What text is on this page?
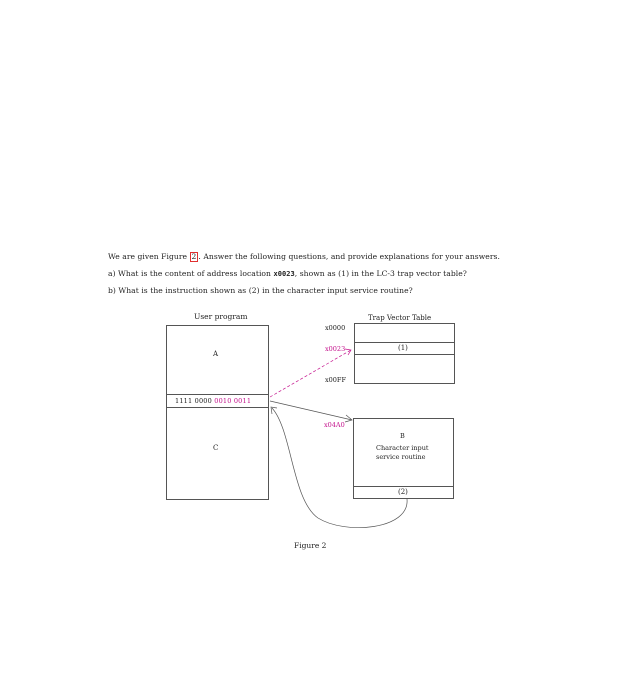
We are given Figure 2 . Answer the following questions, and provide explanations for your answers.
a) What is the content of address location x0023, shown as (1) in the LC-3 trap vector table?
b) What is the instruction shown as (2) in the character input service routine?
User program
A
C
1111 0000 0010 0011
Trap Vector Table
(1)
x0000
x0023
x00FF
x04A0
B
Character input
service routine
(2)
Figure 2
